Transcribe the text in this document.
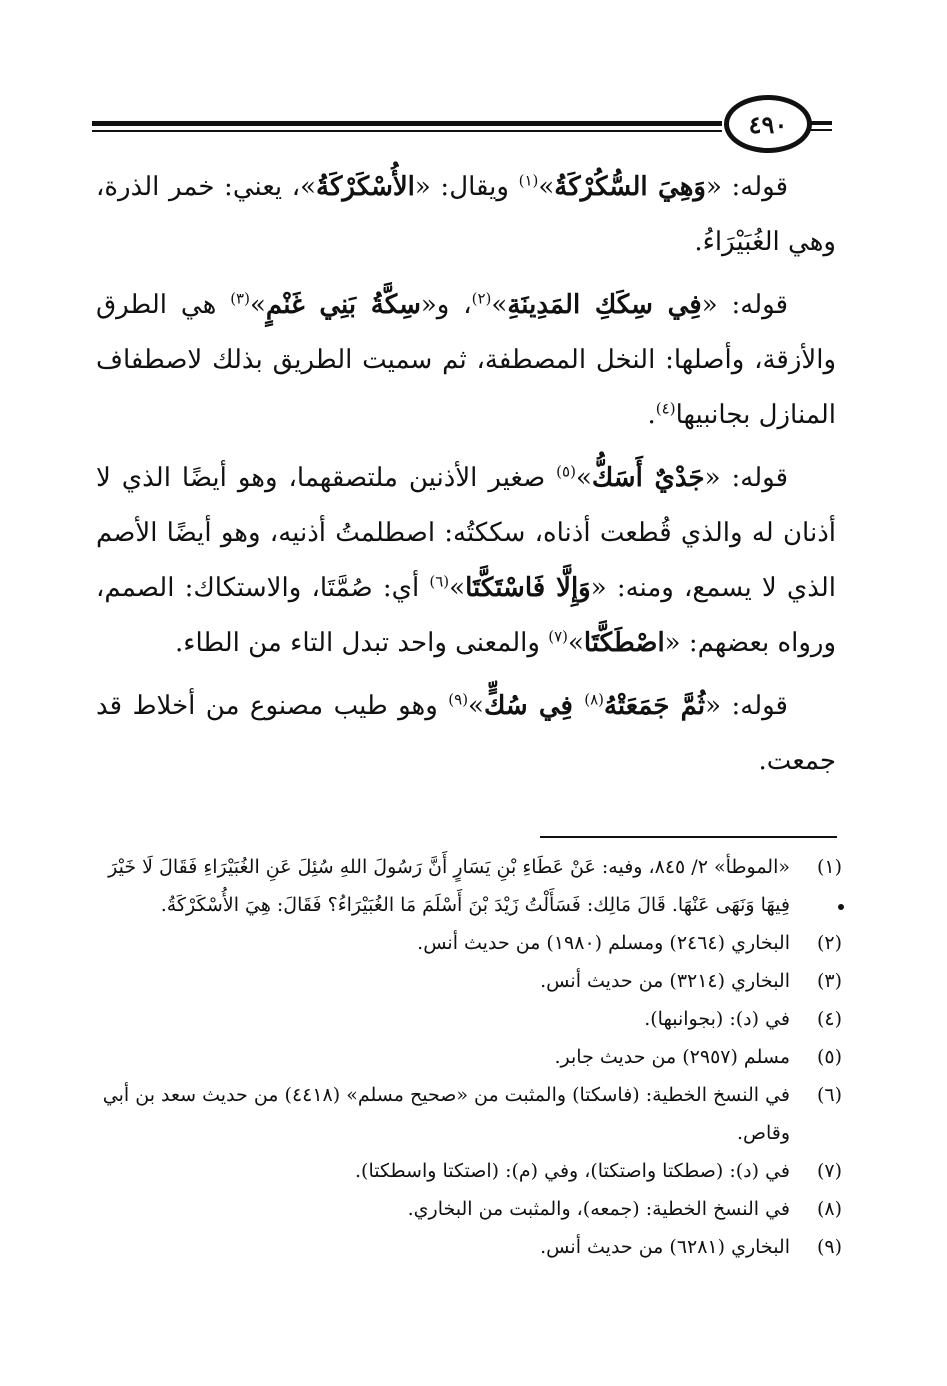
٤٩٠

قوله: «وَهِيَ السُّكُرْكَةُ»$^{(١)}$ ويقال: «الأُسْكَرْكَةُ»، يعني: خمر الذرة، وهي الغُبَيْرَاءُ.

قوله: «فِي سِكَكِ المَدِينَةِ»$^{(٢)}$، و«سِكَّةُ بَنِي غَنْمٍ»$^{(٣)}$ هي الطرق والأزقة، وأصلها: النخل المصطفة، ثم سميت الطريق بذلك لاصطفاف المنازل بجانبيها$^{(٤)}$.

قوله: «جَدْيٌ أَسَكُّ»$^{(٥)}$ صغير الأذنين ملتصقهما، وهو أيضًا الذي لا أذنان له والذي قُطعت أذناه، سككتُه: اصطلمتُ أذنيه، وهو أيضًا الأصم الذي لا يسمع، ومنه: «وَإِلَّا فَاسْتَكَّتَا»$^{(٦)}$ أي: صُمَّتَا، والاستكاك: الصمم، ورواه بعضهم: «اصْطَكَّتَا»$^{(٧)}$ والمعنى واحد تبدل التاء من الطاء.

قوله: «ثُمَّ جَمَعَتْهُ$^{(٨)}$ فِي سُكٍّ»$^{(٩)}$ وهو طيب مصنوع من أخلاط قد جمعت.

(١)
«الموطأ» ٢/ ٨٤٥، وفيه: عَنْ عَطَاءِ بْنِ يَسَارٍ أَنَّ رَسُولَ اللهِ سُئِلَ عَنِ الغُبَيْرَاءِ فَقَالَ لَا خَيْرَ فِيهَا وَنَهَى عَنْهَا. قَالَ مَالِك: فَسَأَلْتُ زَيْدَ بْنَ أَسْلَمَ مَا الغُبَيْرَاءُ؟ فَقَالَ: هِيَ الأُسْكَرْكَةُ.
(٢)
البخاري (٢٤٦٤) ومسلم (١٩٨٠) من حديث أنس.
(٣)
البخاري (٣٢١٤) من حديث أنس.
(٤)
في (د): (بجوانبها).
(٥)
مسلم (٢٩٥٧) من حديث جابر.
(٦)
في النسخ الخطية: (فاسكتا) والمثبت من «صحيح مسلم» (٤٤١٨) من حديث سعد بن أبي وقاص.
(٧)
في (د): (صطكتا واصتكتا)، وفي (م): (اصتكتا واسطكتا).
(٨)
في النسخ الخطية: (جمعه)، والمثبت من البخاري.
(٩)
البخاري (٦٢٨١) من حديث أنس.
